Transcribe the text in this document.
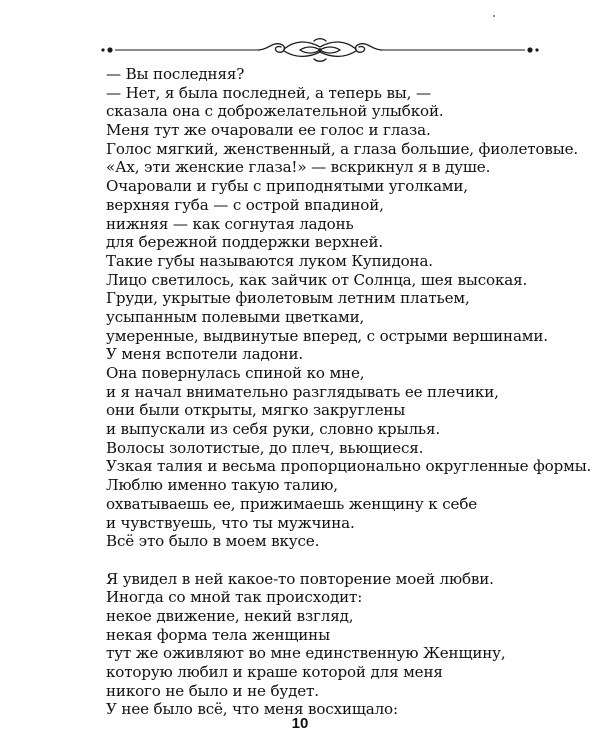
— Вы последняя?
— Нет, я была последней, а теперь вы, —
сказала она с доброжелательной улыбкой.
Меня тут же очаровали ее голос и глаза.
Голос мягкий, женственный, а глаза большие, фиолетовые.
«Ах, эти женские глаза!» — вскрикнул я в душе.
Очаровали и губы с приподнятыми уголками,
верхняя губа — с острой впадиной,
нижняя — как согнутая ладонь
для бережной поддержки верхней.
Такие губы называются луком Купидона.
Лицо светилось, как зайчик от Солнца, шея высокая.
Груди, укрытые фиолетовым летним платьем,
усыпанным полевыми цветками,
умеренные, выдвинутые вперед, с острыми вершинами.
У меня вспотели ладони.
Она повернулась спиной ко мне,
и я начал внимательно разглядывать ее плечики,
они были открыты, мягко закруглены
и выпускали из себя руки, словно крылья.
Волосы золотистые, до плеч, вьющиеся.
Узкая талия и весьма пропорционально округленные формы.
Люблю именно такую талию,
охватываешь ее, прижимаешь женщину к себе
и чувствуешь, что ты мужчина.
Всё это было в моем вкусе.
Я увидел в ней какое-то повторение моей любви.
Иногда со мной так происходит:
некое движение, некий взгляд,
некая форма тела женщины
тут же оживляют во мне единственную Женщину,
которую любил и краше которой для меня
никого не было и не будет.
У нее было всё, что меня восхищало:
10
